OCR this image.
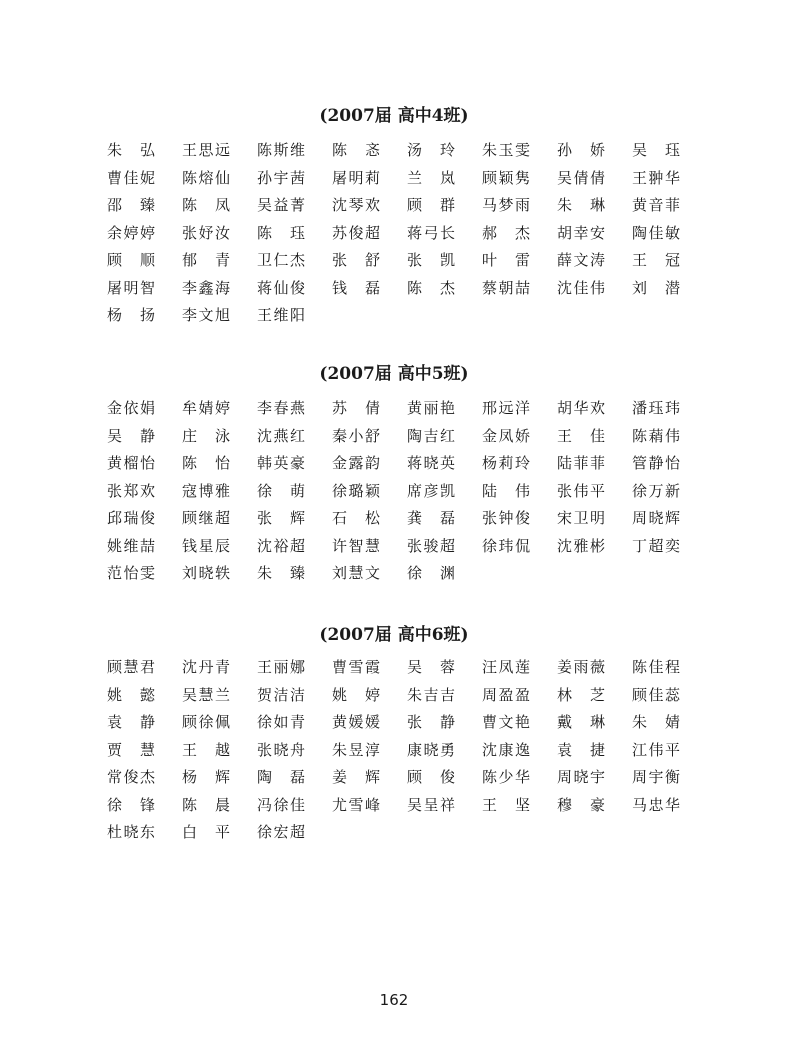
(2007届 高中4班)
朱 弘 王 思 远 陈 斯 维 陈 忞 汤 玲 朱 玉 雯 孙 娇 吴 珏
曹 佳 妮 陈 熔 仙 孙 宇 茜 屠 明 莉 兰 岚 顾 颖 隽 吴 倩 倩 王 翀 华
邵 臻 陈 凤 吴 益 菁 沈 琴 欢 顾 群 马 梦 雨 朱 琳 黄 音 菲
余 婷 婷 张 妤 汝 陈 珏 苏 俊 超 蒋 弓 长 郝 杰 胡 幸 安 陶 佳 敏
顾 顺 郁 青 卫 仁 杰 张 舒 张 凯 叶 雷 薛 文 涛 王 冠
屠 明 智 李 鑫 海 蒋 仙 俊 钱 磊 陈 杰 蔡 朝 喆 沈 佳 伟 刘 潜
杨 扬 李 文 旭 王 维 阳
(2007届 高中5班)
金 依 娟 牟 婧 婷 李 春 燕 苏 倩 黄 丽 艳 邢 远 洋 胡 华 欢 潘 珏 玮
吴 静 庄 泳 沈 燕 红 秦 小 舒 陶 吉 红 金 凤 娇 王 佳 陈 蕱 伟
黄 榴 怡 陈 怡 韩 英 豪 金 露 韵 蒋 晓 英 杨 莉 玲 陆 菲 菲 管 静 怡
张 郑 欢 寇 博 雅 徐 萌 徐 璐 颖 席 彦 凯 陆 伟 张 伟 平 徐 万 新
邱 瑞 俊 顾 继 超 张 辉 石 松 龚 磊 张 钟 俊 宋 卫 明 周 晓 辉
姚 维 喆 钱 星 辰 沈 裕 超 许 智 慧 张 骏 超 徐 玮 侃 沈 雅 彬 丁 超 奕
范 怡 雯 刘 晓 轶 朱 臻 刘 慧 文 徐 渊
(2007届 高中6班)
顾 慧 君 沈 丹 青 王 丽 娜 曹 雪 霞 吴 蓉 汪 凤 莲 姜 雨 薇 陈 佳 程
姚 懿 吴 慧 兰 贺 洁 洁 姚 婷 朱 吉 吉 周 盈 盈 林 芝 顾 佳 蕊
袁 静 顾 徐 佩 徐 如 青 黄 媛 媛 张 静 曹 文 艳 戴 琳 朱 婧
贾 慧 王 越 张 晓 舟 朱 昱 淳 康 晓 勇 沈 康 逸 袁 捷 江 伟 平
常 俊 杰 杨 辉 陶 磊 姜 辉 顾 俊 陈 少 华 周 晓 宇 周 宇 衡
徐 锋 陈 晨 冯 徐 佳 尤 雪 峰 吴 呈 祥 王 坚 穆 豪 马 忠 华
杜 晓 东 白 平 徐 宏 超
162
